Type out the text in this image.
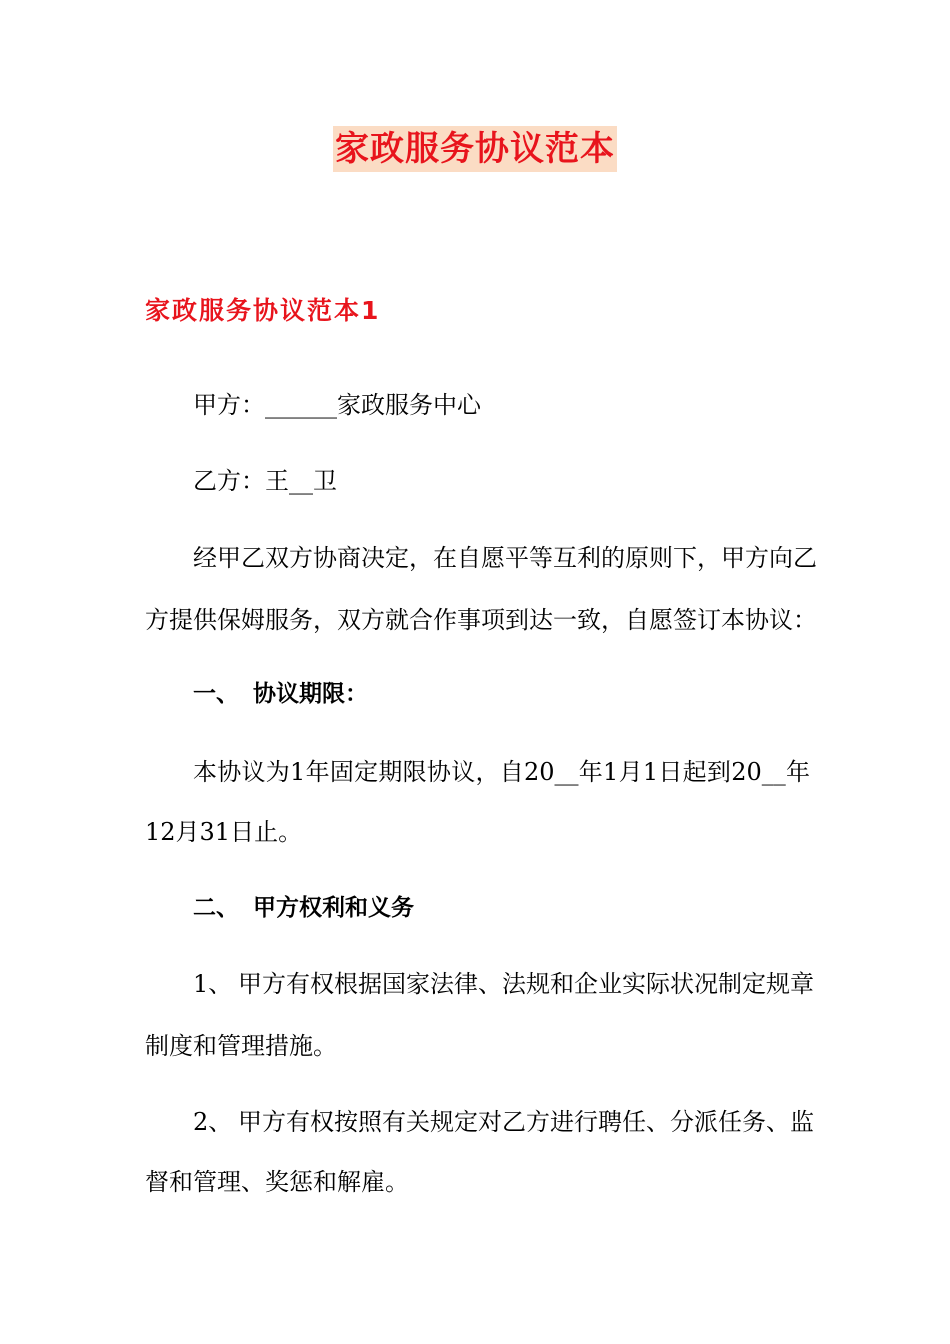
家政服务协议范本
家政服务协议范本1
甲方：______家政服务中心
乙方：王__卫
经甲乙双方协商决定，在自愿平等互利的原则下，甲方向乙
方提供保姆服务，双方就合作事项到达一致，自愿签订本协议：
一、 协议期限：
本协议为1年固定期限协议，自20__年1月1日起到20__年
12月31日止。
二、 甲方权利和义务
1、 甲方有权根据国家法律、法规和企业实际状况制定规章
制度和管理措施。
2、 甲方有权按照有关规定对乙方进行聘任、分派任务、监
督和管理、奖惩和解雇。
